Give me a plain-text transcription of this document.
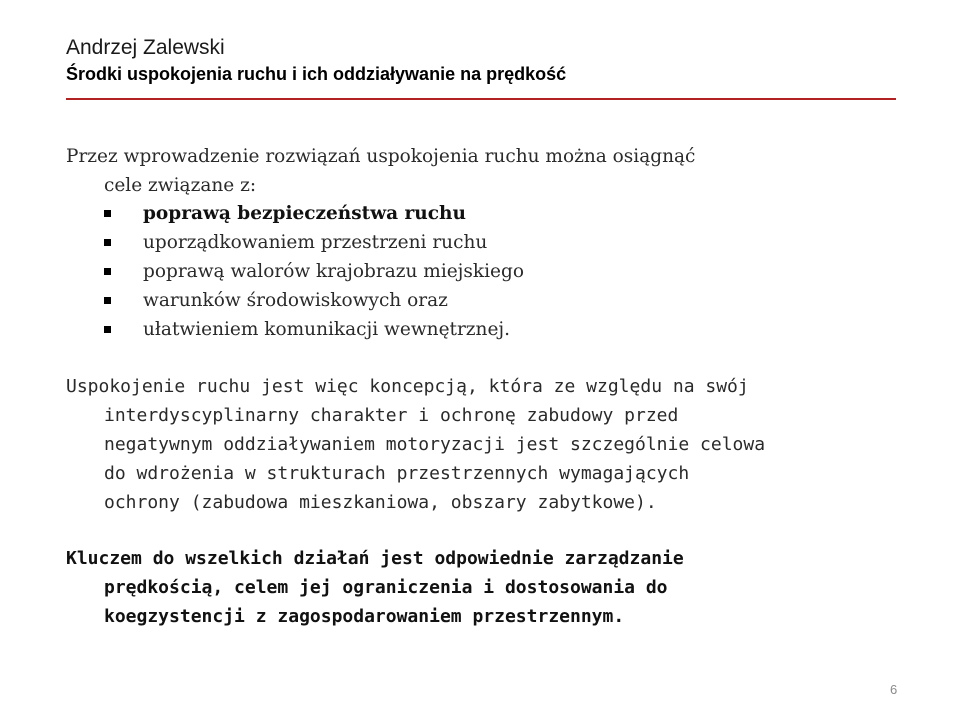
Andrzej Zalewski
Środki uspokojenia ruchu i ich oddziaływanie na prędkość
Przez wprowadzenie rozwiązań uspokojenia ruchu można osiągnąć
cele związane z:
poprawą bezpieczeństwa ruchu
uporządkowaniem przestrzeni ruchu
poprawą walorów krajobrazu miejskiego
warunków środowiskowych oraz
ułatwieniem komunikacji wewnętrznej.
Uspokojenie ruchu jest więc koncepcją, która ze względu na swój
interdyscyplinarny charakter i ochronę zabudowy przed
negatywnym oddziaływaniem motoryzacji jest szczególnie celowa
do wdrożenia w strukturach przestrzennych wymagających
ochrony (zabudowa mieszkaniowa, obszary zabytkowe).
Kluczem do wszelkich działań jest odpowiednie zarządzanie
prędkością, celem jej ograniczenia i dostosowania do
koegzystencji z zagospodarowaniem przestrzennym.
6
